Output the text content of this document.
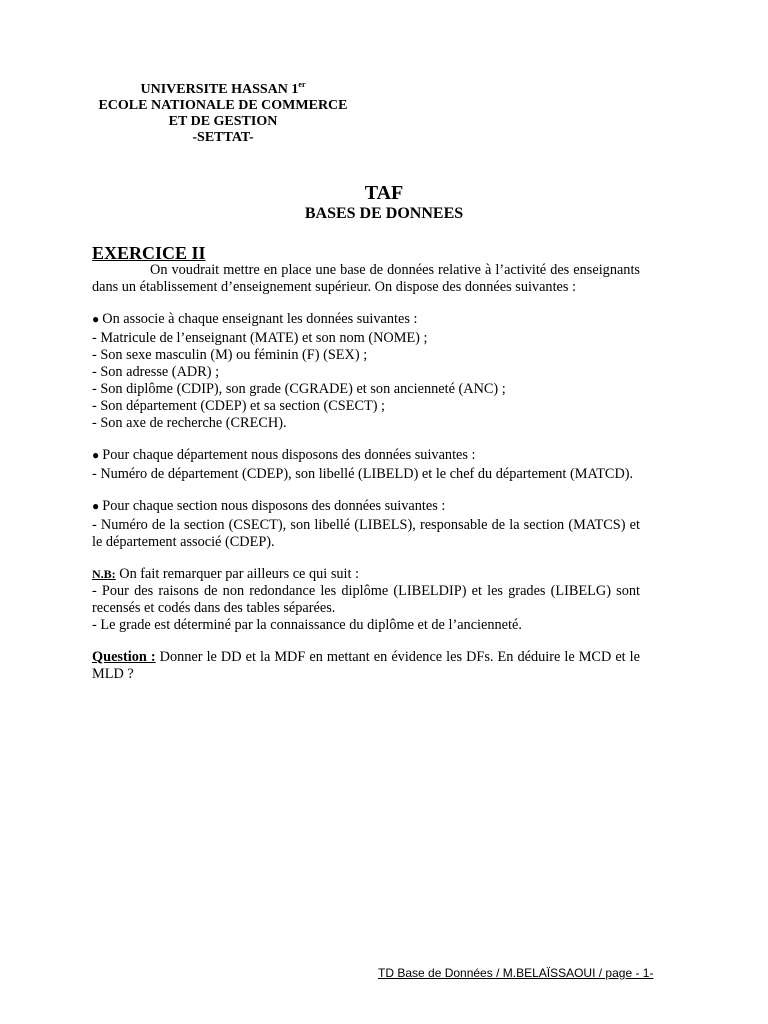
UNIVERSITE HASSAN 1er
ECOLE NATIONALE DE COMMERCE
ET DE GESTION
-SETTAT-
TAF
BASES DE DONNEES
EXERCICE II

On voudrait mettre en place une base de données relative à l’activité des enseignants dans un établissement d’enseignement supérieur. On dispose des données suivantes :

● On associe à chaque enseignant les données suivantes :

- Matricule de l’enseignant (MATE) et son nom (NOME) ;

- Son sexe masculin (M) ou féminin (F) (SEX) ;

- Son adresse (ADR) ;

- Son diplôme (CDIP), son grade (CGRADE) et son ancienneté (ANC) ;

- Son département (CDEP) et sa section (CSECT) ;

- Son axe de recherche (CRECH).

● Pour chaque département nous disposons des données suivantes :

- Numéro de département (CDEP), son libellé (LIBELD) et le chef du département (MATCD).

● Pour chaque section nous disposons des données suivantes :

- Numéro de la section (CSECT), son libellé (LIBELS), responsable de la section (MATCS) et le département associé (CDEP).

N.B: On fait remarquer par ailleurs ce qui suit :

- Pour des raisons de non redondance les diplôme (LIBELDIP) et les grades (LIBELG) sont recensés et codés dans des tables séparées.

- Le grade est déterminé par la connaissance du diplôme et de l’ancienneté.

Question : Donner le DD et la MDF en mettant en évidence les DFs. En déduire le MCD et le MLD ?

TD Base de Données / M.BELAÏSSAOUI / page - 1-
